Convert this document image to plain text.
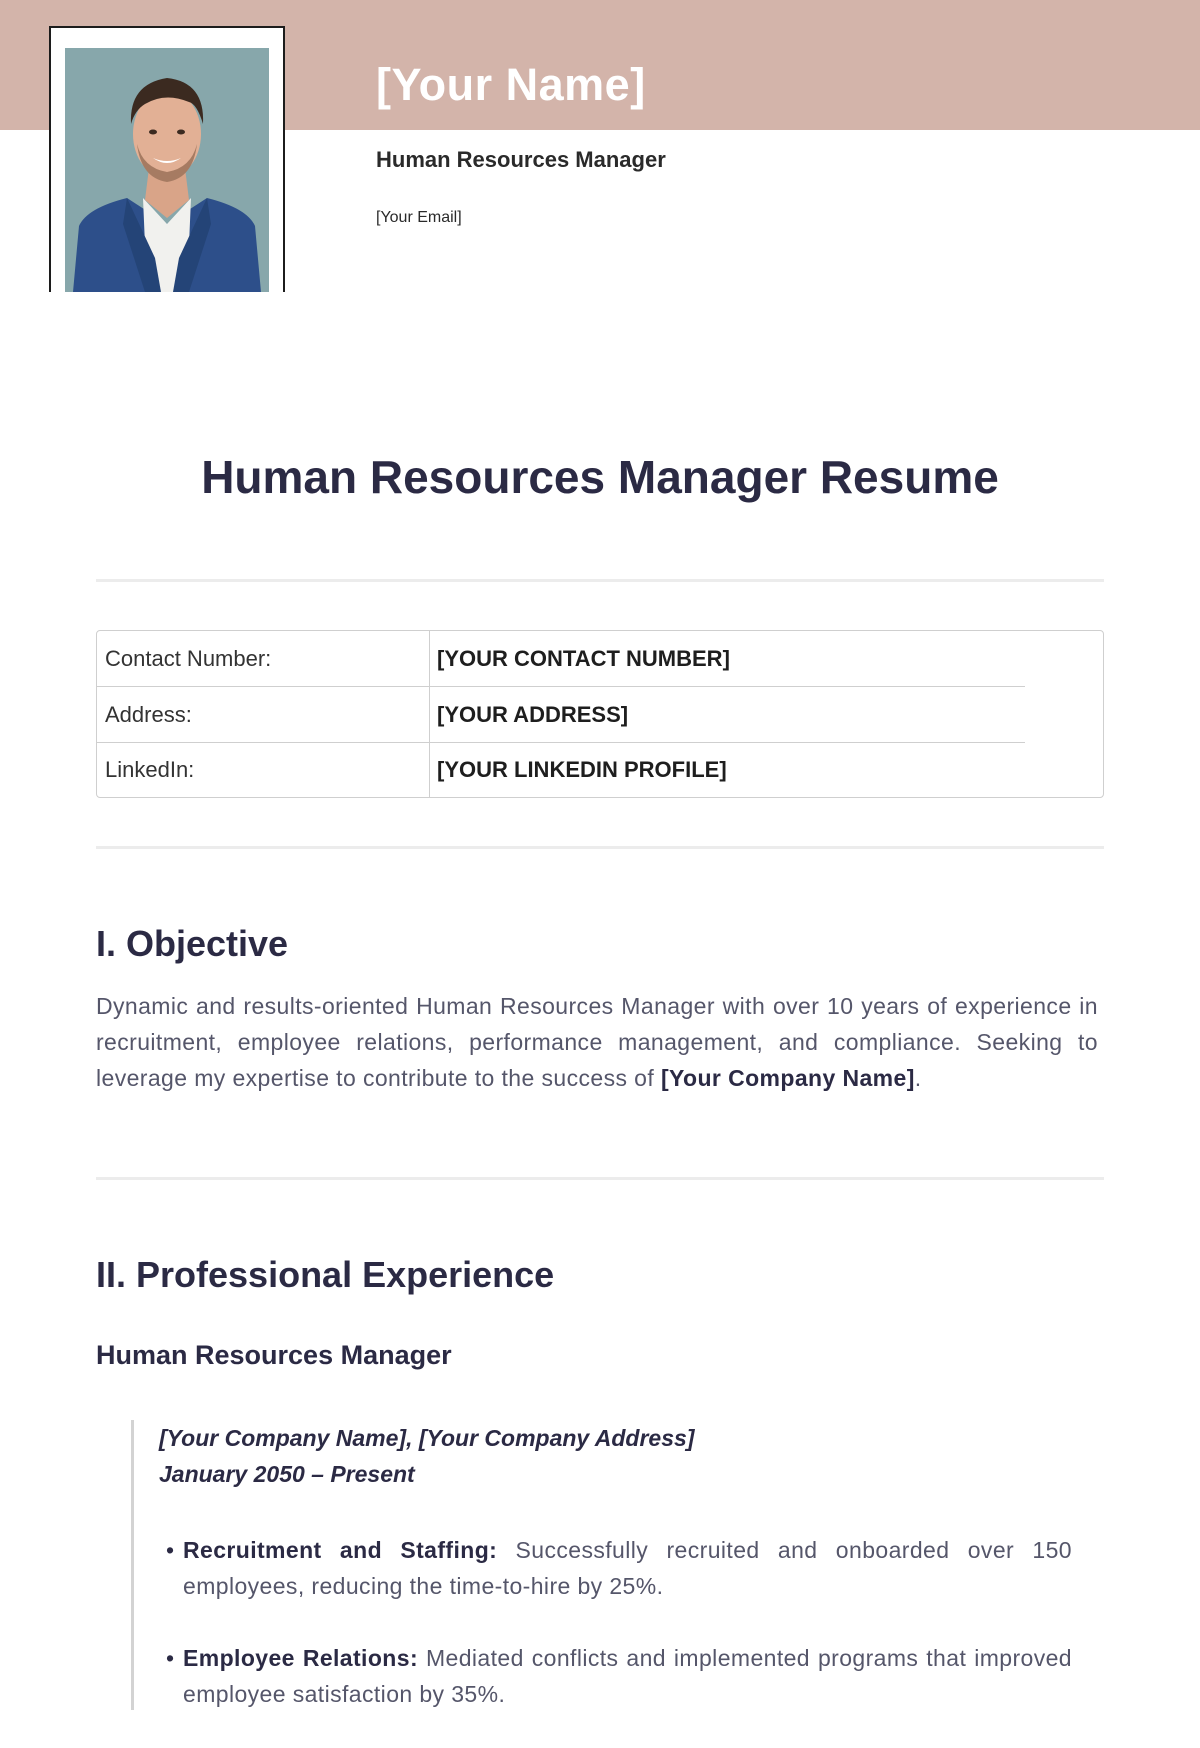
[Your Name]
Human Resources Manager
[Your Email]
Human Resources Manager Resume
Contact Number:	[YOUR CONTACT NUMBER]
Address:	[YOUR ADDRESS]
LinkedIn:	[YOUR LINKEDIN PROFILE]
I. Objective

Dynamic and results-oriented Human Resources Manager with over 10 years of experience in recruitment, employee relations, performance management, and compliance. Seeking to leverage my expertise to contribute to the success of [Your Company Name].

II. Professional Experience
Human Resources Manager
[Your Company Name], [Your Company Address]
January 2050 – Present
• Recruitment and Staffing: Successfully recruited and onboarded over 150 employees, reducing the time-to-hire by 25%.
• Employee Relations: Mediated conflicts and implemented programs that improved employee satisfaction by 35%.
